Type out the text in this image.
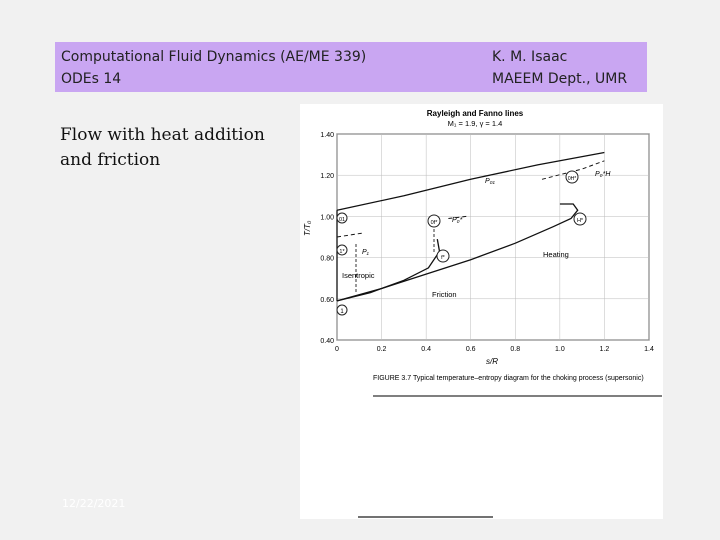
Computational Fluid Dynamics (AE/ME 339)
ODEs 14
K. M. Isaac
MAEEM Dept., UMR
Flow with heat addition
and friction
12/22/2021
Rayleigh and Fanno lines
M₁ = 1.9, γ = 1.4
0.40
0.60
0.80
1.00
1.20
1.40
0	0.2	0.4	0.6	0.8	1.0	1.2	1.4
T/T₀
s/R
1
01
1*
0f*
f*
H*
0H*
P₀₁
P₀*H
P₀*
P₁	Heating
Friction
Isentropic
FIGURE 3.7 Typical temperature–entropy diagram for the choking process (supersonic)
